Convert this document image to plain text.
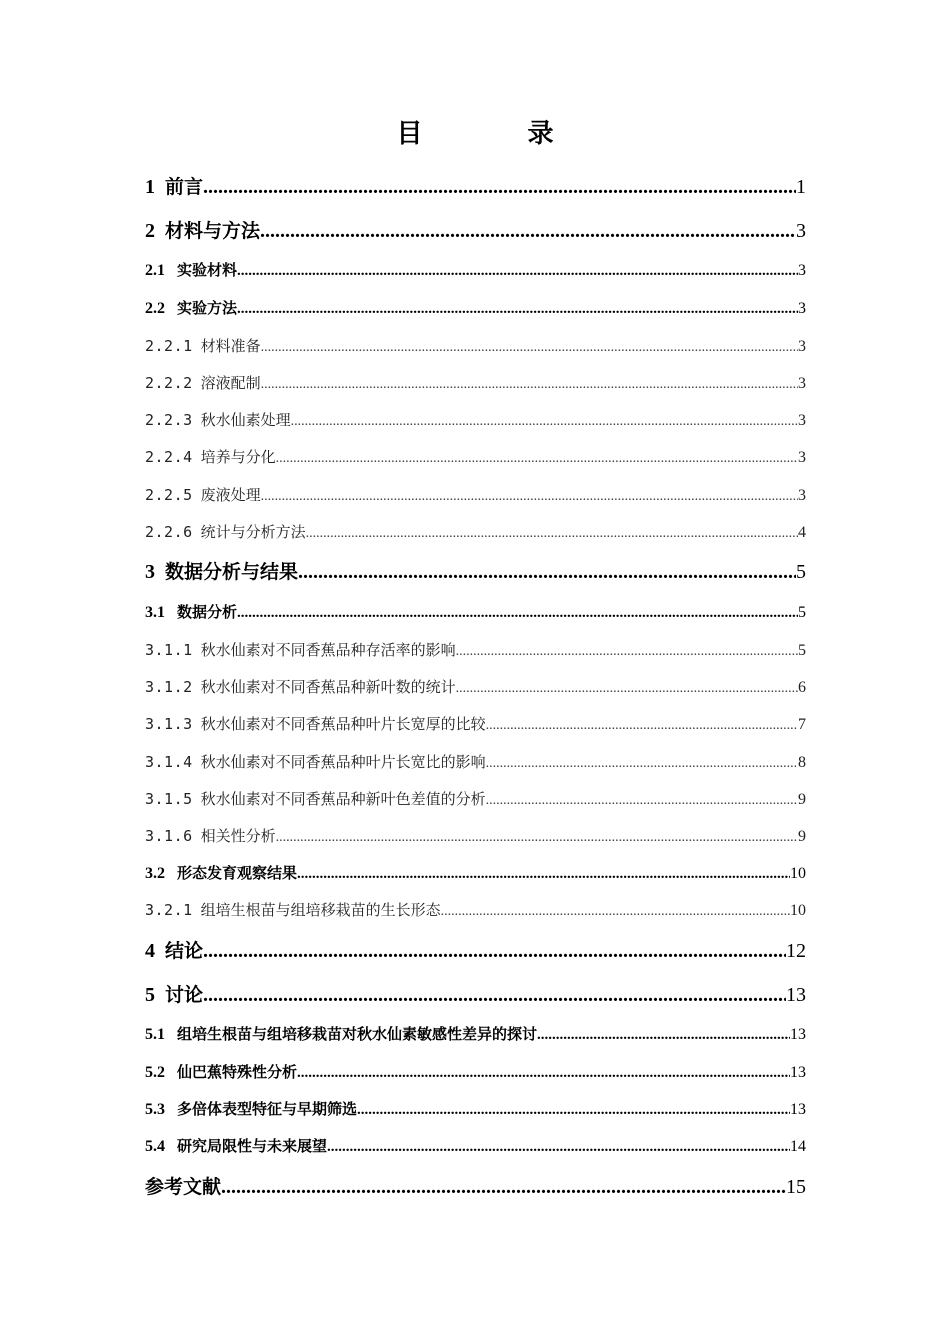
目 录
1 前言 .....	1
2 材料与方法 .....	3
2.1 实验材料 .....	3
2.2 实验方法 .....	3
2.2.1 材料准备 .....	3
2.2.2 溶液配制 .....	3
2.2.3 秋水仙素处理 .....	3
2.2.4 培养与分化 .....	3
2.2.5 废液处理 .....	3
2.2.6 统计与分析方法 .....	4
3 数据分析与结果 .....	5
3.1 数据分析 .....	5
3.1.1 秋水仙素对不同香蕉品种存活率的影响 .....	5
3.1.2 秋水仙素对不同香蕉品种新叶数的统计 .....	6
3.1.3 秋水仙素对不同香蕉品种叶片长宽厚的比较 .....	7
3.1.4 秋水仙素对不同香蕉品种叶片长宽比的影响 .....	8
3.1.5 秋水仙素对不同香蕉品种新叶色差值的分析 .....	9
3.1.6 相关性分析 .....	9
3.2 形态发育观察结果 .....	10
3.2.1 组培生根苗与组培移栽苗的生长形态 .....	10
4 结论 .....	12
5 讨论 .....	13
5.1 组培生根苗与组培移栽苗对秋水仙素敏感性差异的探讨 .....	13
5.2 仙巴蕉特殊性分析 .....	13
5.3 多倍体表型特征与早期筛选 .....	13
5.4 研究局限性与未来展望 .....	14
参考文献 .....	15
